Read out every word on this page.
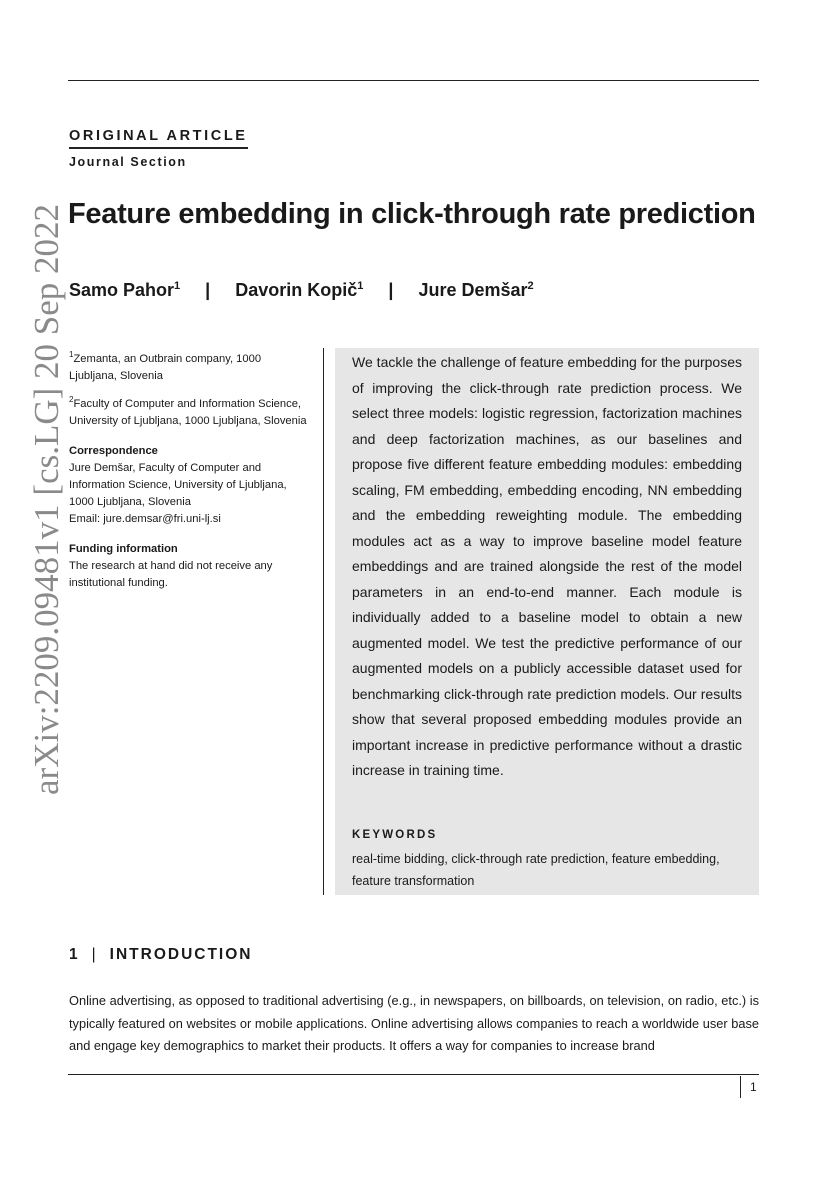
arXiv:2209.09481v1 [cs.LG] 20 Sep 2022
ORIGINAL ARTICLE
Journal Section
Feature embedding in click-through rate prediction
Samo Pahor$^1$ | Davorin Kopič$^1$ | Jure Demšar$^2$

$^1$Zemanta, an Outbrain company, 1000 Ljubljana, Slovenia

$^2$Faculty of Computer and Information Science, University of Ljubljana, 1000 Ljubljana, Slovenia

Correspondence

Jure Demšar, Faculty of Computer and Information Science, University of Ljubljana, 1000 Ljubljana, Slovenia

Email: jure.demsar@fri.uni-lj.si

Funding information

The research at hand did not receive any institutional funding.

We tackle the challenge of feature embedding for the purposes of improving the click-through rate prediction process. We select three models: logistic regression, factorization machines and deep factorization machines, as our baselines and propose five different feature embedding modules: embedding scaling, FM embedding, embedding encoding, NN embedding and the embedding reweighting module. The embedding modules act as a way to improve baseline model feature embeddings and are trained alongside the rest of the model parameters in an end-to-end manner. Each module is individually added to a baseline model to obtain a new augmented model. We test the predictive performance of our augmented models on a publicly accessible dataset used for benchmarking click-through rate prediction models. Our results show that several proposed embedding modules provide an important increase in predictive performance without a drastic increase in training time.
KEYWORDS
real-time bidding, click-through rate prediction, feature embedding, feature transformation
1 | INTRODUCTION
Online advertising, as opposed to traditional advertising (e.g., in newspapers, on billboards, on television, on radio, etc.) is typically featured on websites or mobile applications. Online advertising allows companies to reach a worldwide user base and engage key demographics to market their products. It offers a way for companies to increase brand
1
